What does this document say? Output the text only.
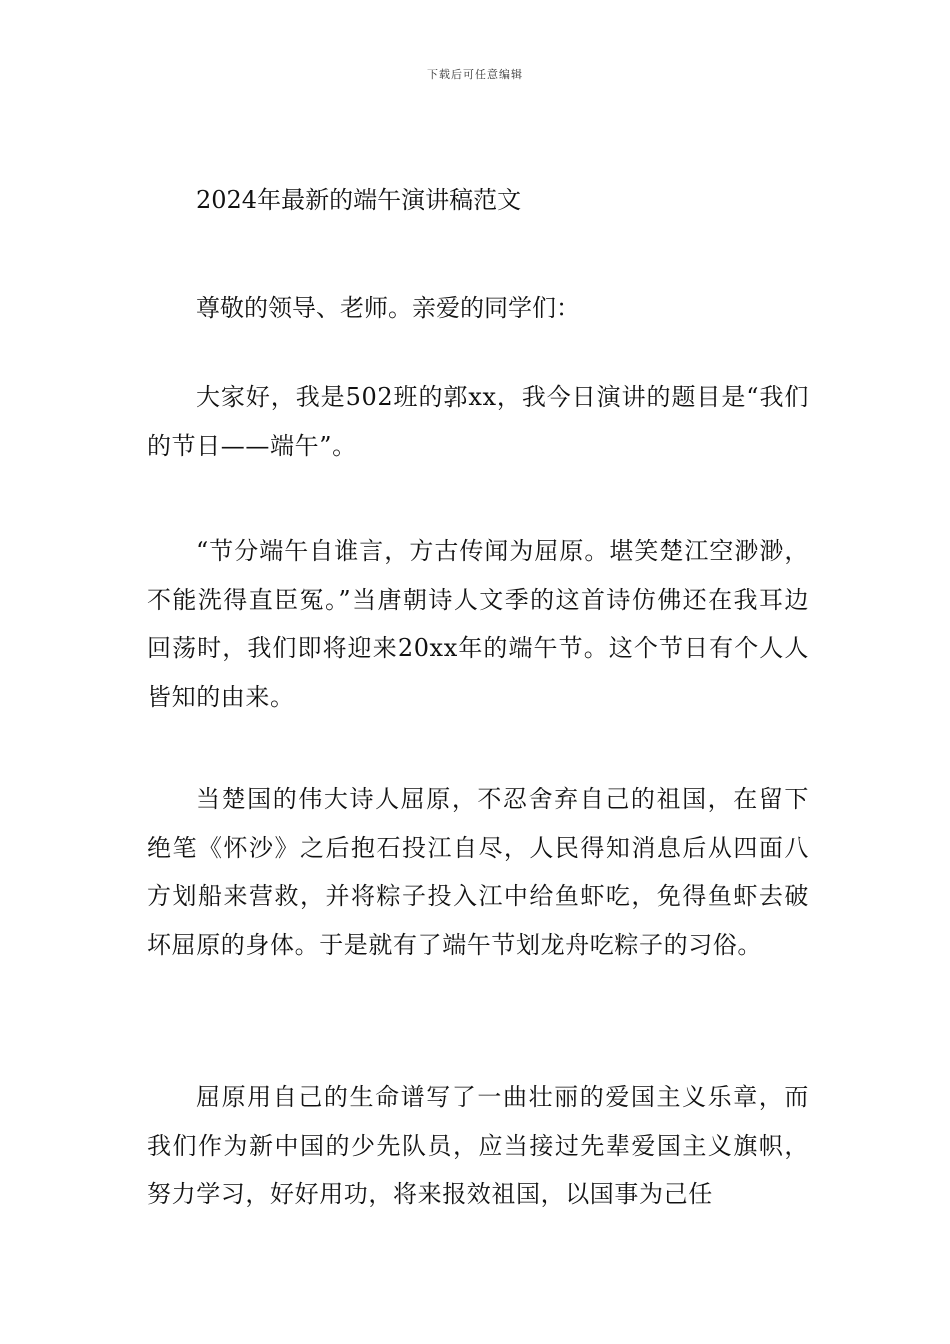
下载后可任意编辑
2024年最新的端午演讲稿范文
尊敬的领导、老师。亲爱的同学们：

大家好，我是502班的郭xx，我今日演讲的题目是“我们的节日——端午”。

“节分端午自谁言，方古传闻为屈原。堪笑楚江空渺渺，不能洗得直臣冤。”当唐朝诗人文季的这首诗仿佛还在我耳边回荡时，我们即将迎来20xx年的端午节。这个节日有个人人皆知的由来。

当楚国的伟大诗人屈原，不忍舍弃自己的祖国，在留下绝笔《怀沙》之后抱石投江自尽，人民得知消息后从四面八方划船来营救，并将粽子投入江中给鱼虾吃，免得鱼虾去破坏屈原的身体。于是就有了端午节划龙舟吃粽子的习俗。

屈原用自己的生命谱写了一曲壮丽的爱国主义乐章，而我们作为新中国的少先队员，应当接过先辈爱国主义旗帜，努力学习，好好用功，将来报效祖国，以国事为己任
